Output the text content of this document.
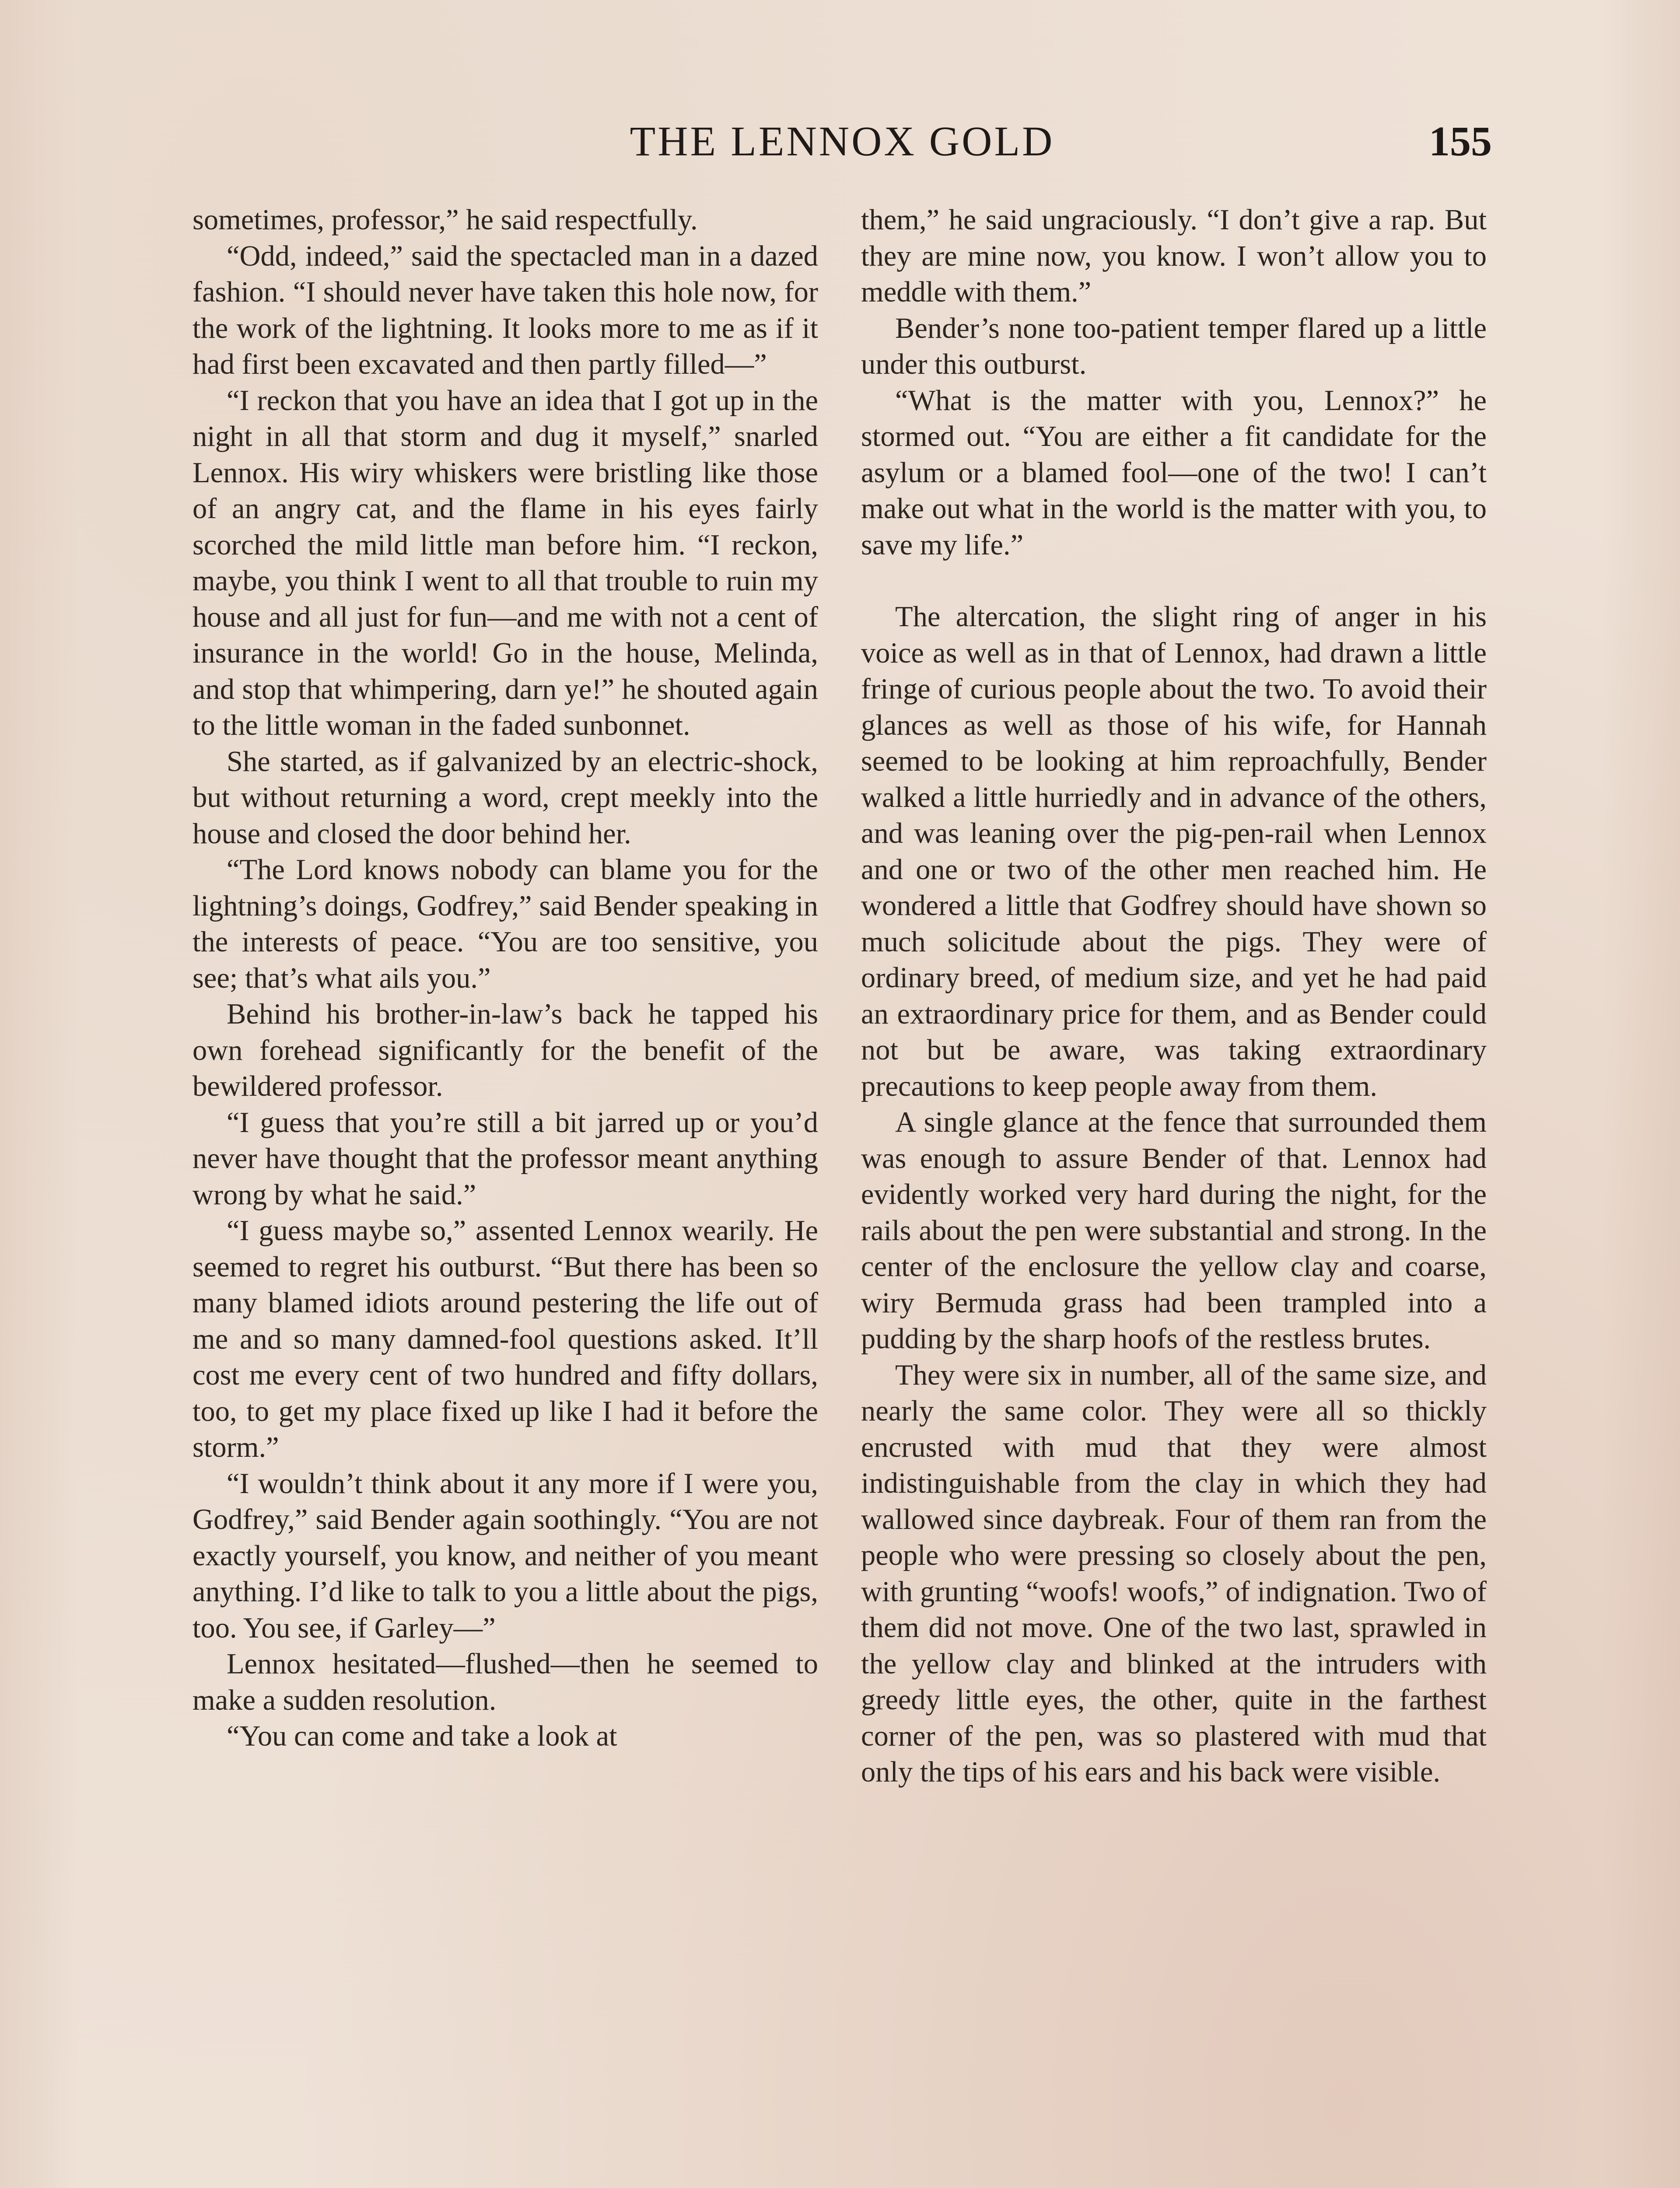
THE LENNOX GOLD	155

sometimes, professor,” he said respectfully.

“Odd, indeed,” said the spectacled man in a dazed fashion. “I should never have taken this hole now, for the work of the lightning. It looks more to me as if it had first been excavated and then partly filled—”

“I reckon that you have an idea that I got up in the night in all that storm and dug it myself,” snarled Lennox. His wiry whiskers were bristling like those of an angry cat, and the flame in his eyes fairly scorched the mild little man before him. “I reckon, maybe, you think I went to all that trouble to ruin my house and all just for fun—and me with not a cent of insurance in the world! Go in the house, Melinda, and stop that whimpering, darn ye!” he shouted again to the little woman in the faded sunbonnet.

She started, as if galvanized by an electric-shock, but without returning a word, crept meekly into the house and closed the door behind her.

“The Lord knows nobody can blame you for the lightning’s doings, Godfrey,” said Bender speaking in the interests of peace. “You are too sensitive, you see; that’s what ails you.”

Behind his brother-in-law’s back he tapped his own forehead significantly for the benefit of the bewildered professor.

“I guess that you’re still a bit jarred up or you’d never have thought that the professor meant anything wrong by what he said.”

“I guess maybe so,” assented Lennox wearily. He seemed to regret his outburst. “But there has been so many blamed idiots around pestering the life out of me and so many damned-fool questions asked. It’ll cost me every cent of two hundred and fifty dollars, too, to get my place fixed up like I had it before the storm.”

“I wouldn’t think about it any more if I were you, Godfrey,” said Bender again soothingly. “You are not exactly yourself, you know, and neither of you meant anything. I’d like to talk to you a little about the pigs, too. You see, if Garley—”

Lennox hesitated—flushed—then he seemed to make a sudden resolution.

“You can come and take a look at

them,” he said ungraciously. “I don’t give a rap. But they are mine now, you know. I won’t allow you to meddle with them.”

Bender’s none too-patient temper flared up a little under this outburst.

“What is the matter with you, Lennox?” he stormed out. “You are either a fit candidate for the asylum or a blamed fool—one of the two! I can’t make out what in the world is the matter with you, to save my life.”

The altercation, the slight ring of anger in his voice as well as in that of Lennox, had drawn a little fringe of curious people about the two. To avoid their glances as well as those of his wife, for Hannah seemed to be looking at him reproachfully, Bender walked a little hurriedly and in advance of the others, and was leaning over the pig-pen-rail when Lennox and one or two of the other men reached him. He wondered a little that Godfrey should have shown so much solicitude about the pigs. They were of ordinary breed, of medium size, and yet he had paid an extraordinary price for them, and as Bender could not but be aware, was taking extraordinary precautions to keep people away from them.

A single glance at the fence that surrounded them was enough to assure Bender of that. Lennox had evidently worked very hard during the night, for the rails about the pen were substantial and strong. In the center of the enclosure the yellow clay and coarse, wiry Bermuda grass had been trampled into a pudding by the sharp hoofs of the restless brutes.

They were six in number, all of the same size, and nearly the same color. They were all so thickly encrusted with mud that they were almost indistinguishable from the clay in which they had wallowed since daybreak. Four of them ran from the people who were pressing so closely about the pen, with grunting “woofs! woofs,” of indignation. Two of them did not move. One of the two last, sprawled in the yellow clay and blinked at the intruders with greedy little eyes, the other, quite in the farthest corner of the pen, was so plastered with mud that only the tips of his ears and his back were visible.
